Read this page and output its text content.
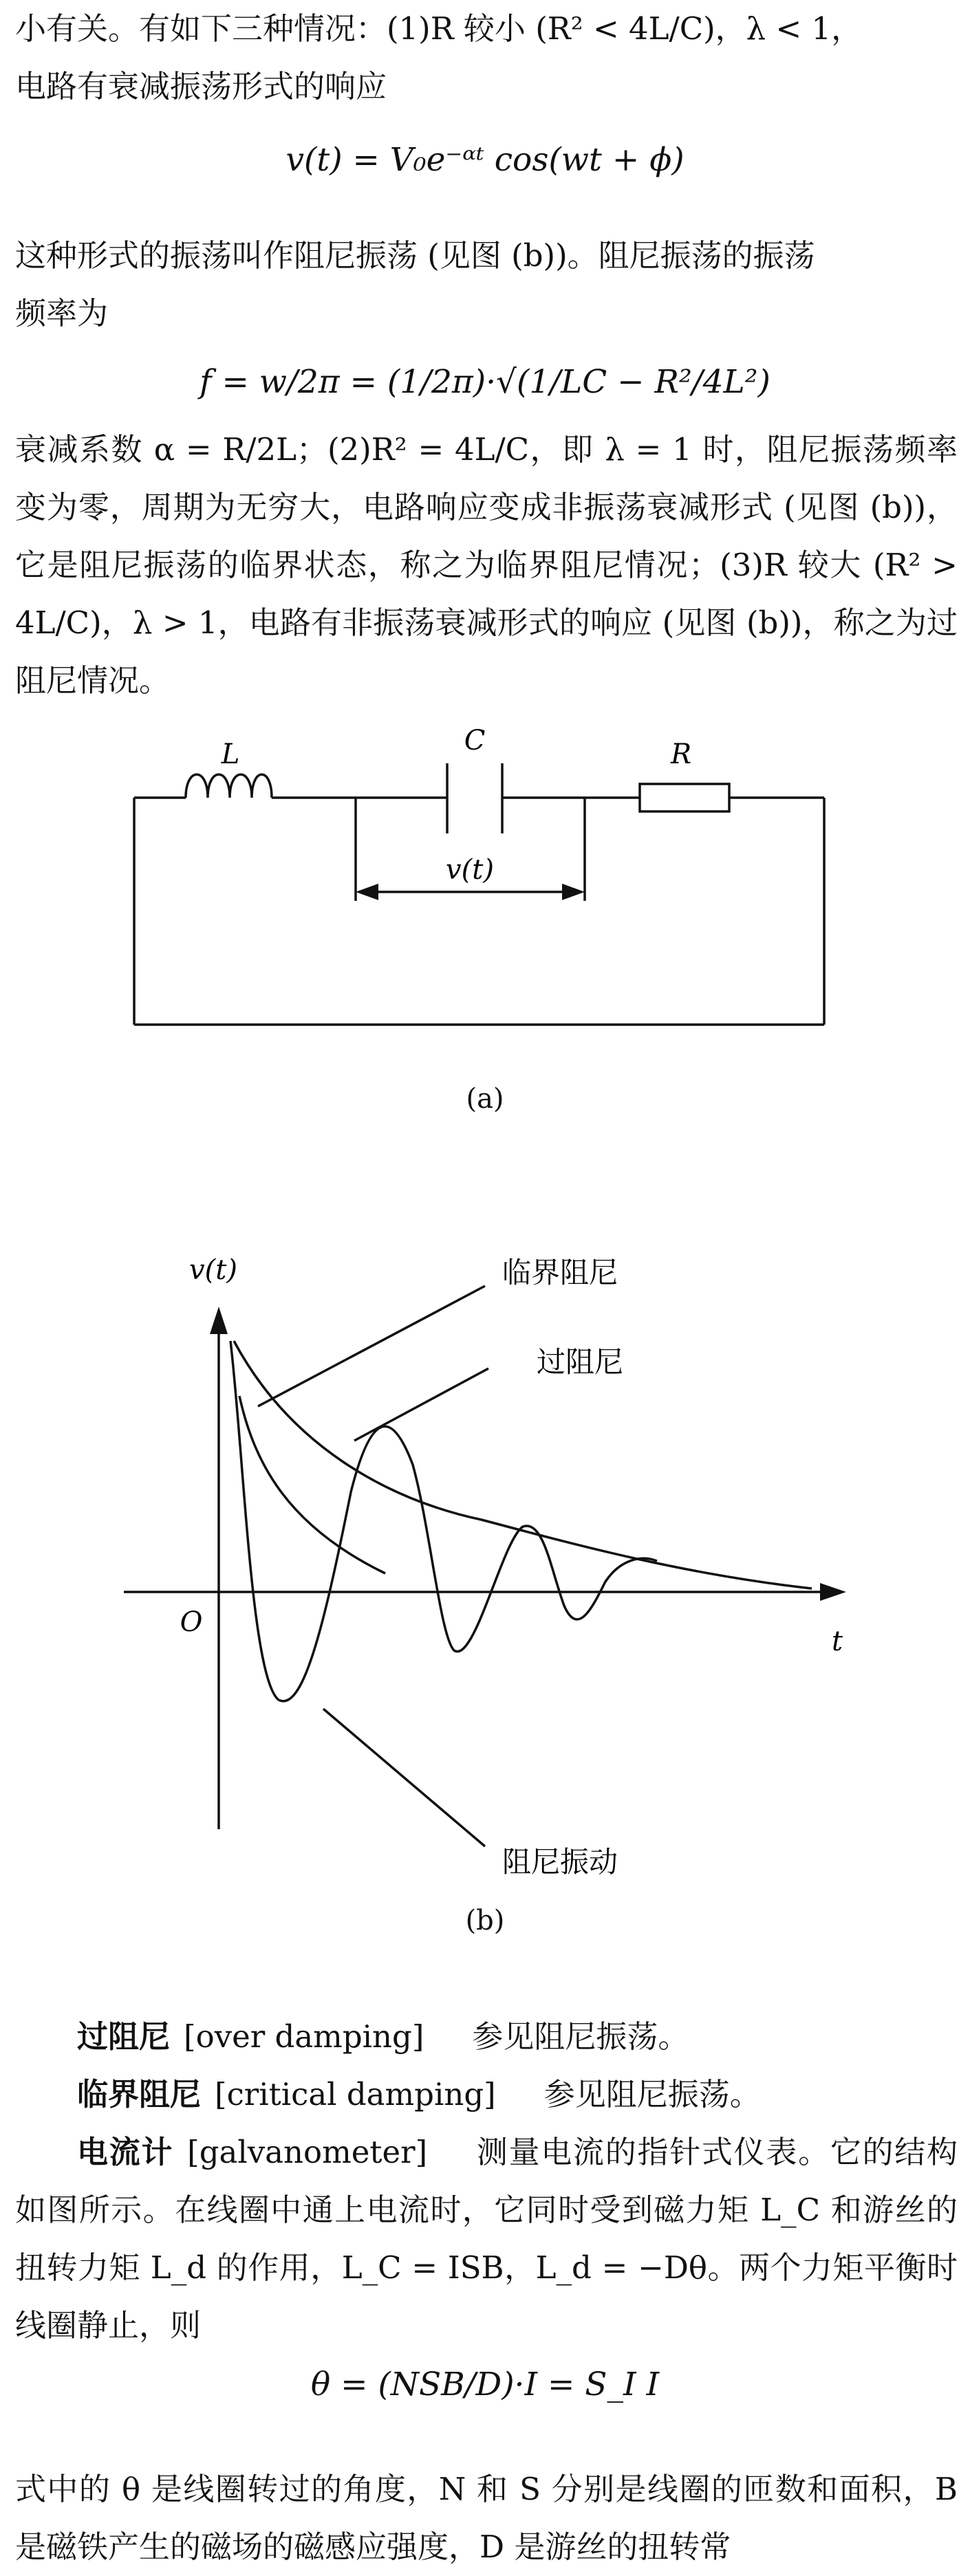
小有关。有如下三种情况：(1)R 较小 (R² < 4L/C)，λ < 1，

电路有衰减振荡形式的响应

v(t) = V₀e⁻ᵅᵗ cos(wt + ϕ)

这种形式的振荡叫作阻尼振荡 (见图 (b))。阻尼振荡的振荡

频率为

f = w/2π = (1/2π)·√(1/LC − R²/4L²)

衰减系数 α = R/2L；(2)R² = 4L/C，即 λ = 1 时，阻尼振荡频率变为零，周期为无穷大，电路响应变成非振荡衰减形式 (见图 (b))，它是阻尼振荡的临界状态，称之为临界阻尼情况；(3)R 较大 (R² > 4L/C)，λ > 1，电路有非振荡衰减形式的响应 (见图 (b))，称之为过阻尼情况。

L	C	R
v(t)
(a)
v(t)
t
O
临界阻尼
过阻尼
阻尼振动
(b)

过阻尼 [over damping] 参见阻尼振荡。

临界阻尼 [critical damping] 参见阻尼振荡。

电流计 [galvanometer] 测量电流的指针式仪表。它的结构如图所示。在线圈中通上电流时，它同时受到磁力矩 L_C 和游丝的扭转力矩 L_d 的作用，L_C = ISB，L_d = −Dθ。两个力矩平衡时线圈静止，则

θ = (NSB/D)·I = S_I I

式中的 θ 是线圈转过的角度，N 和 S 分别是线圈的匝数和面积，B 是磁铁产生的磁场的磁感应强度，D 是游丝的扭转常
